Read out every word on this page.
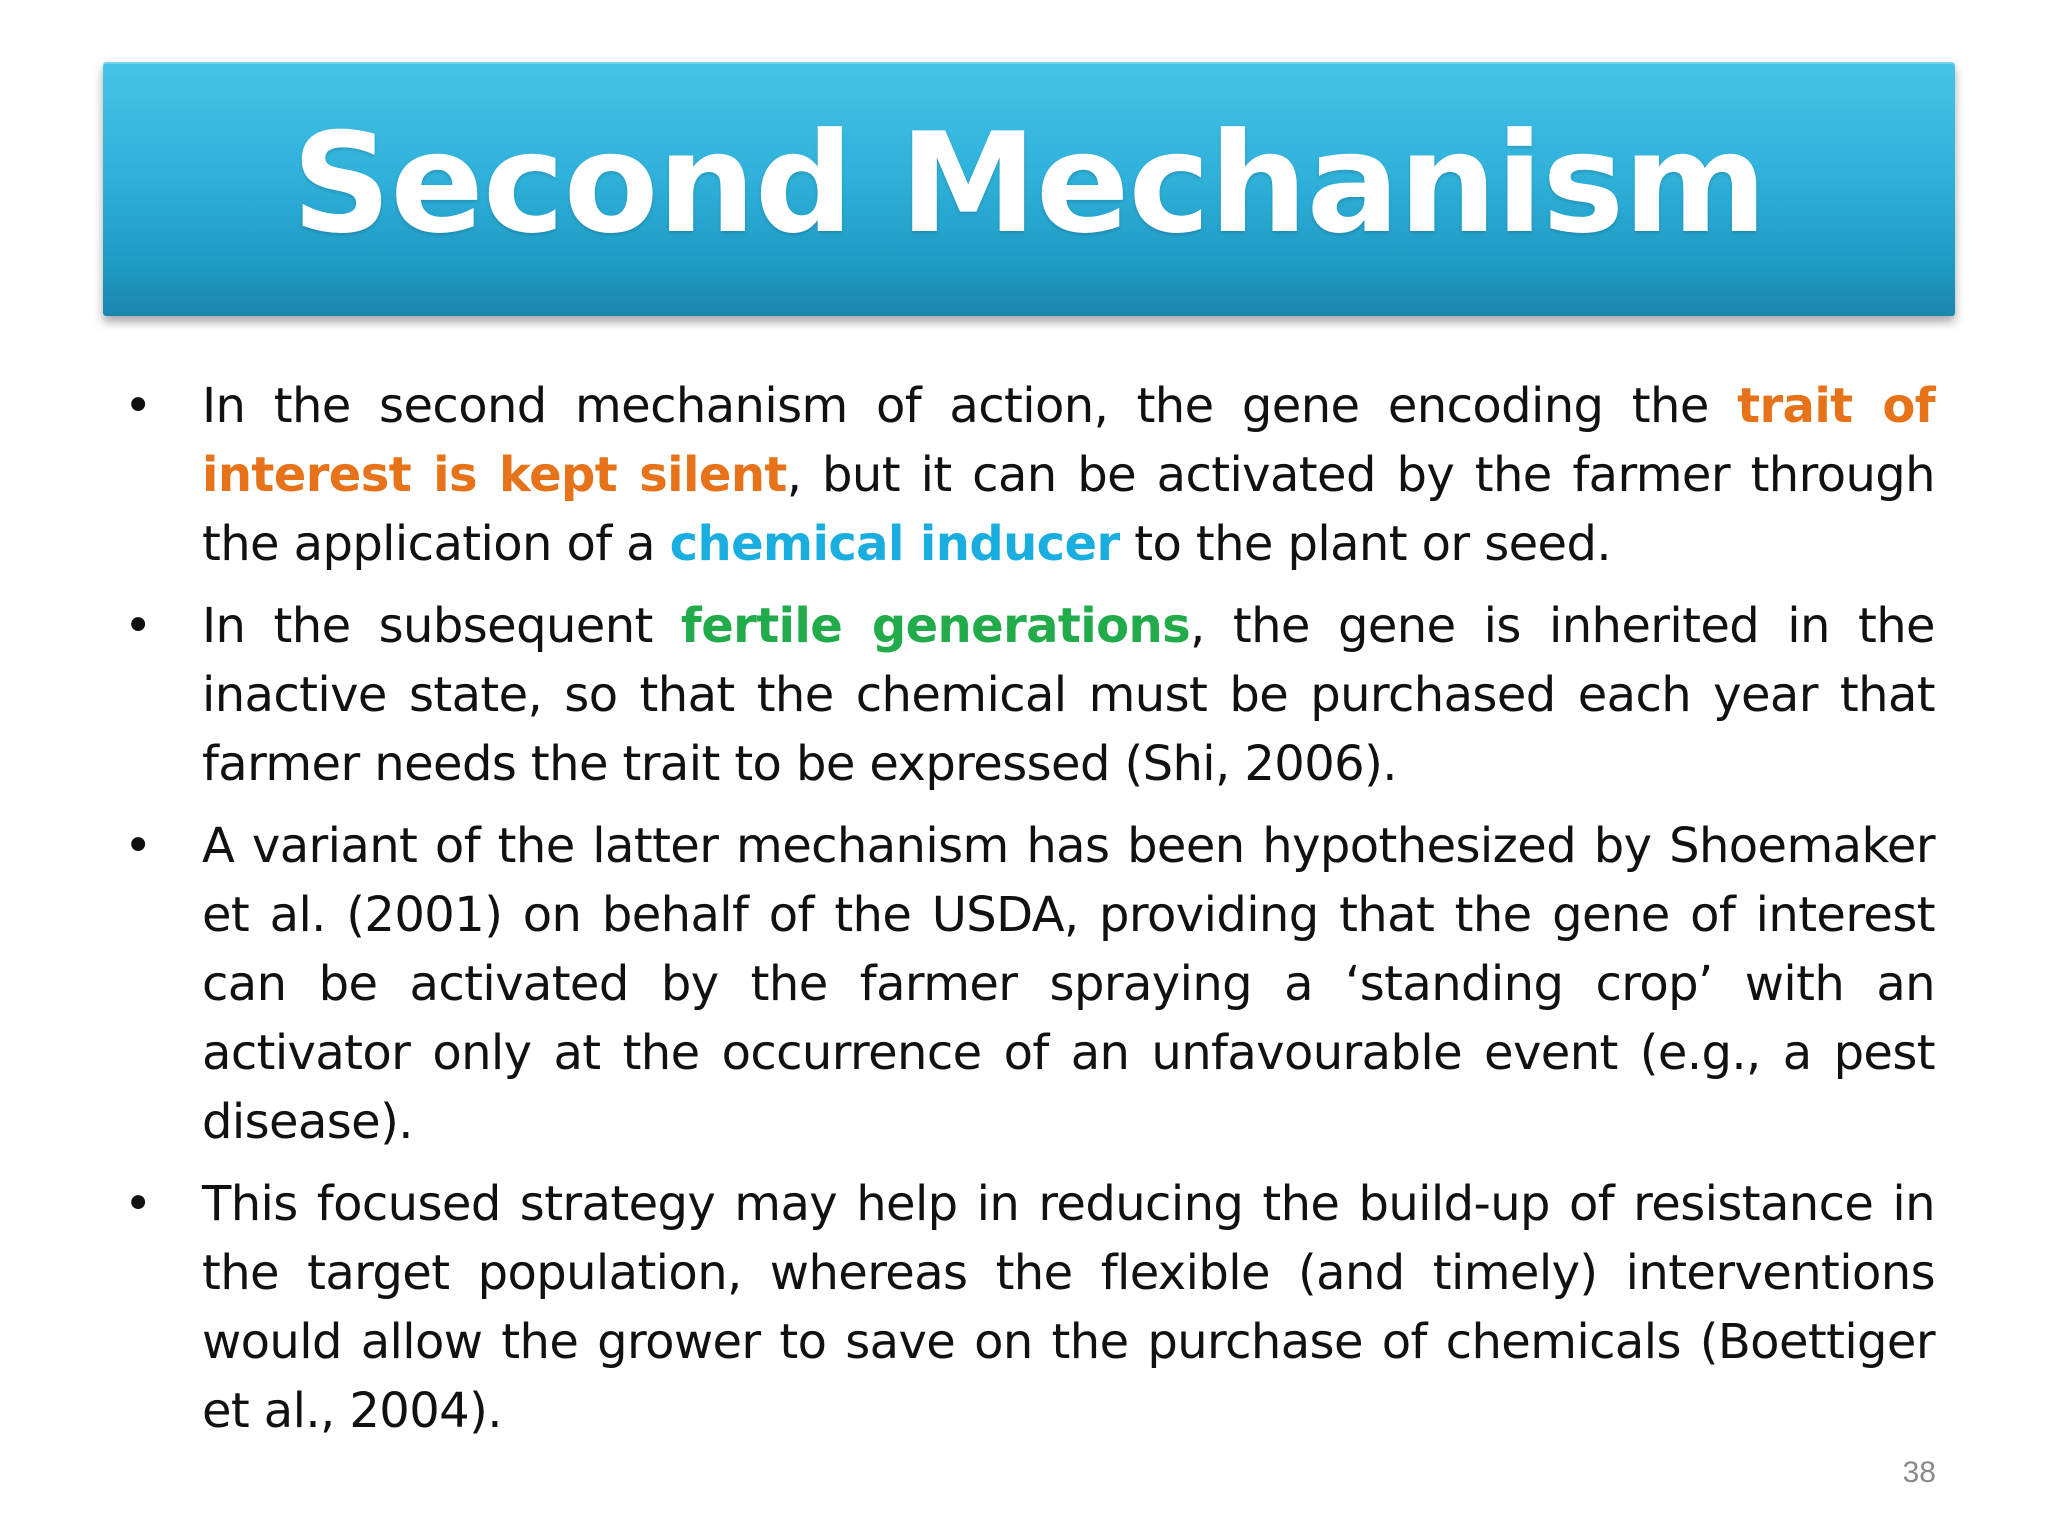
Second Mechanism
• In the second mechanism of action, the gene encoding the trait of interest is kept silent, but it can be activated by the farmer through the application of a chemical inducer to the plant or seed.
• In the subsequent fertile generations, the gene is inherited in the inactive state, so that the chemical must be purchased each year that farmer needs the trait to be expressed (Shi, 2006).
• A variant of the latter mechanism has been hypothesized by Shoemaker et al. (2001) on behalf of the USDA, providing that the gene of interest can be activated by the farmer spraying a ‘standing crop’ with an activator only at the occurrence of an unfavourable event (e.g., a pest disease).
• This focused strategy may help in reducing the build-up of resistance in the target population, whereas the flexible (and timely) interventions would allow the grower to save on the purchase of chemicals (Boettiger et al., 2004).
38
